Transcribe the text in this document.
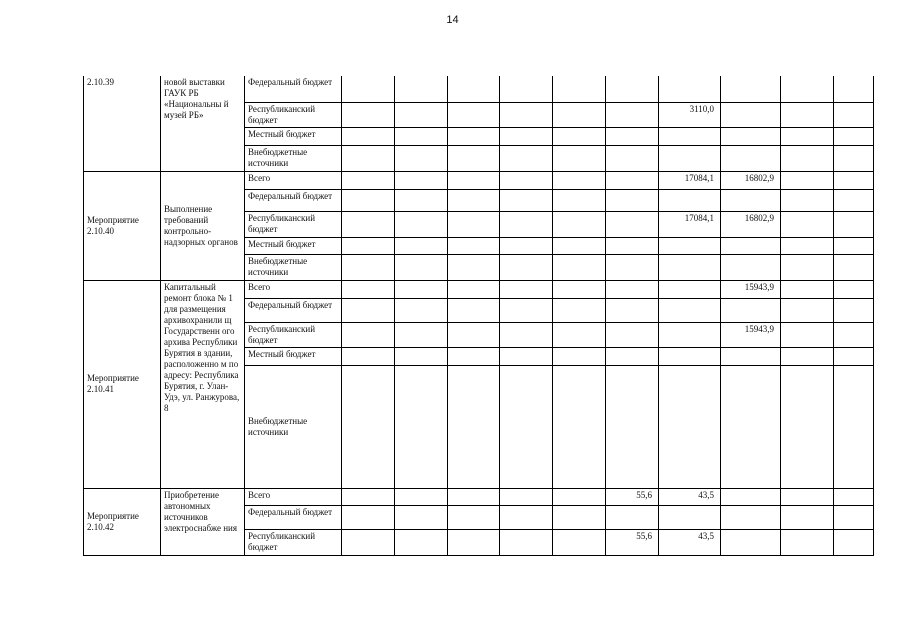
14
2.10.39	новой выставки ГАУК РБ «Национальны й музей РБ»	Федеральный бюджет										
		Республиканский бюджет							3110,0			
		Местный бюджет										
		Внебюджетные источники										
Мероприятие 2.10.40	Выполнение требований контрольно-надзорных органов	Всего							17084,1	16802,9		
		Федеральный бюджет										
		Республиканский бюджет							17084,1	16802,9		
		Местный бюджет										
		Внебюджетные источники										
Мероприятие 2.10.41	Капитальный ремонт блока № 1 для размещения архивохранили щ Государственн ого архива Республики Бурятия в здании, расположенно м по адресу: Республика Бурятия, г. Улан-Удэ, ул. Ранжурова, 8	Всего								15943,9		
		Федеральный бюджет										
		Республиканский бюджет								15943,9		
		Местный бюджет										
		Внебюджетные источники										
Мероприятие 2.10.42	Приобретение автономных источников электроснабже ния	Всего						55,6	43,5			
		Федеральный бюджет										
		Республиканский бюджет						55,6	43,5			
